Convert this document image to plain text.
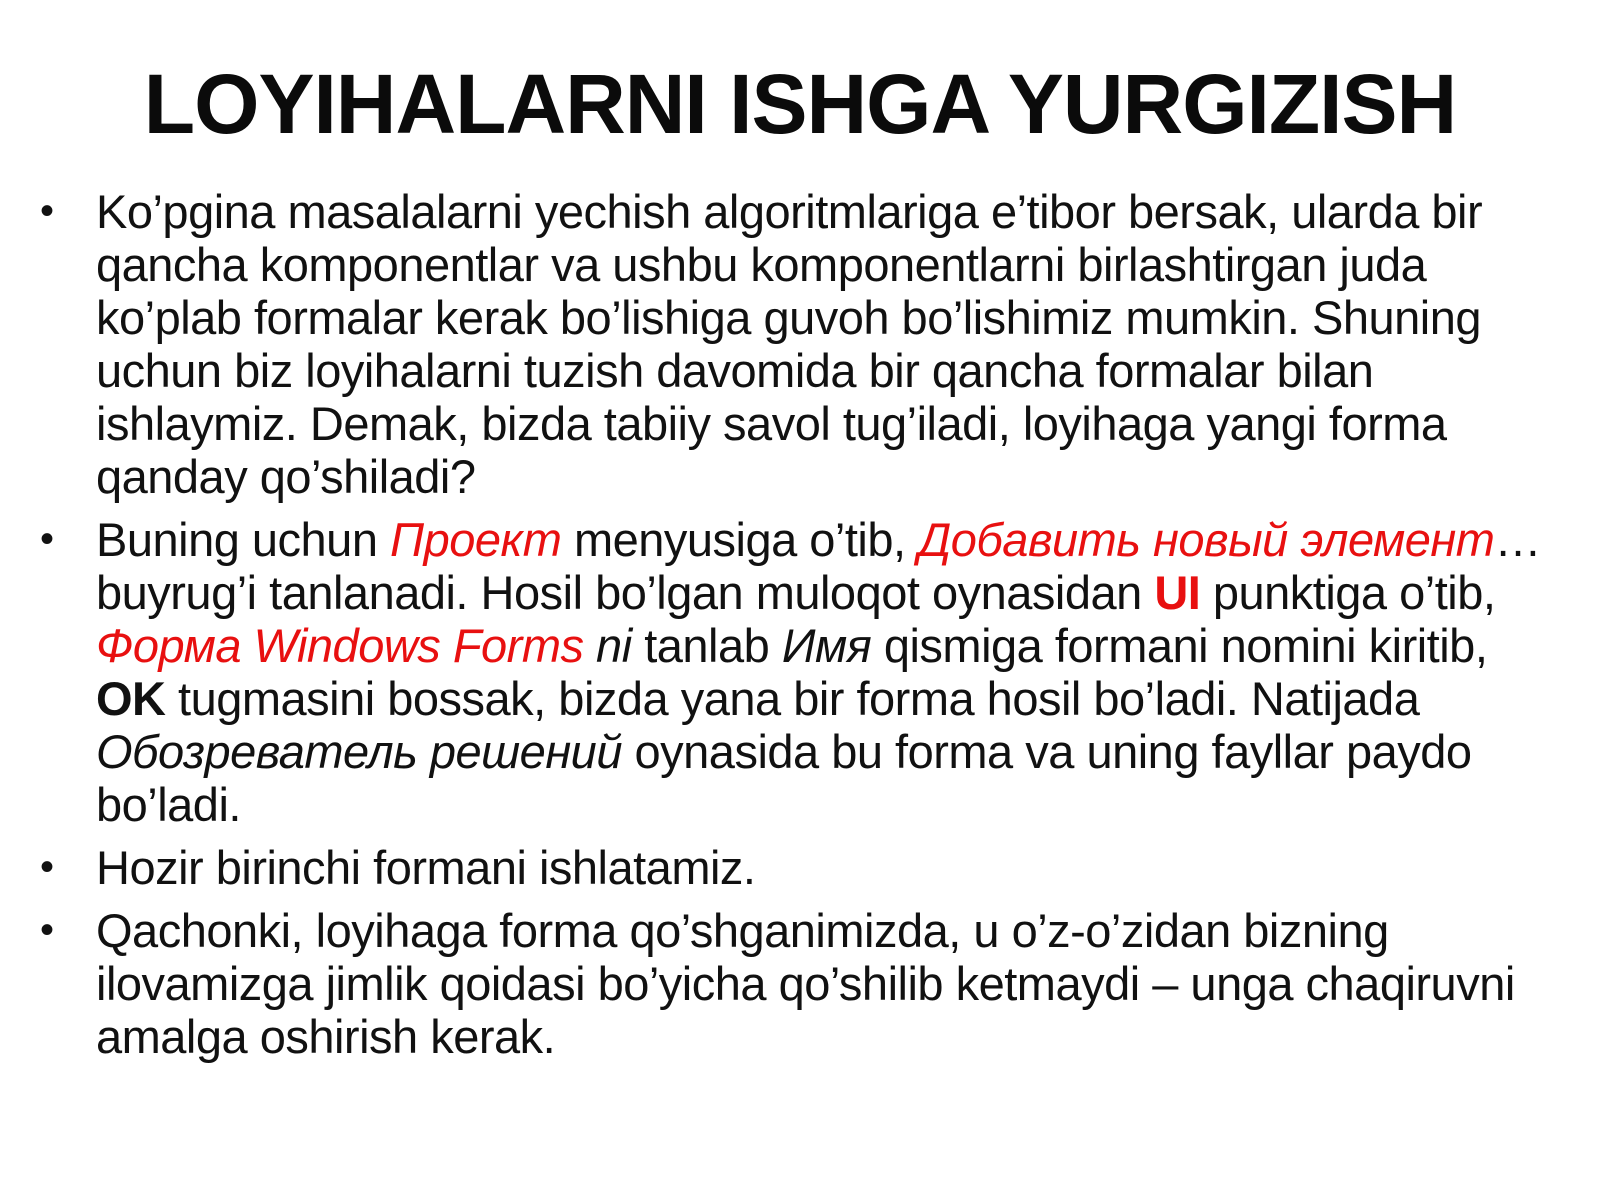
LOYIHALARNI ISHGA YURGIZISH
• Ko’pgina masalalarni yechish algoritmlariga e’tibor bersak, ularda bir qancha komponentlar va ushbu komponentlarni birlashtirgan juda ko’plab formalar kerak bo’lishiga guvoh bo’lishimiz mumkin. Shuning uchun biz loyihalarni tuzish davomida bir qancha formalar bilan ishlaymiz. Demak, bizda tabiiy savol tug’iladi, loyihaga yangi forma qanday qo’shiladi?
• Buning uchun Проект menyusiga o’tib, Добавить новый элемент… buyrug’i tanlanadi. Hosil bo’lgan muloqot oynasidan UI punktiga o’tib, Форма Windows Forms ni tanlab Имя qismiga formani nomini kiritib, OK tugmasini bossak, bizda yana bir forma hosil bo’ladi. Natijada Обозреватель решений oynasida bu forma va uning fayllar paydo bo’ladi.
• Hozir birinchi formani ishlatamiz.
• Qachonki, loyihaga forma qo’shganimizda, u o’z-o’zidan bizning ilovamizga jimlik qoidasi bo’yicha qo’shilib ketmaydi – unga chaqiruvni amalga oshirish kerak.
